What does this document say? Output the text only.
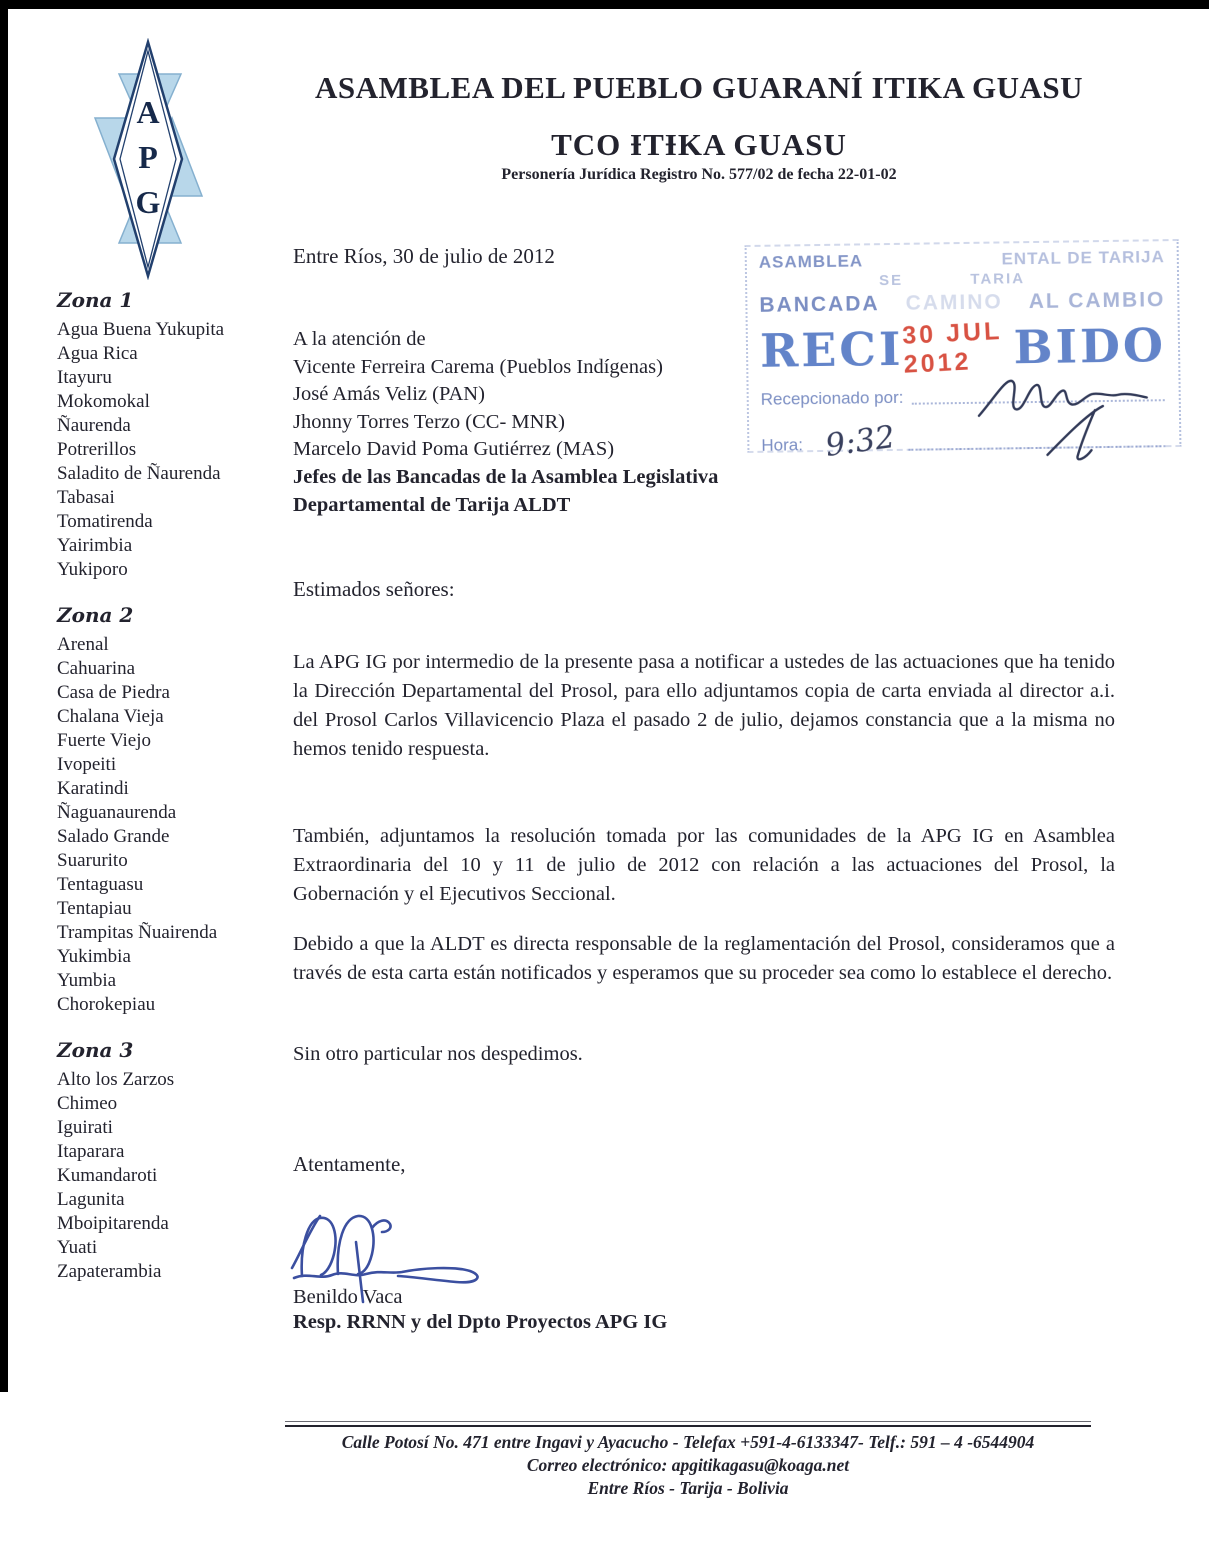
A
P
G
ASAMBLEA DEL PUEBLO GUARANÍ ITIKA GUASU
TCO ƗTƗKA GUASU
Personería Jurídica Registro No. 577/02 de fecha 22-01-02
ASAMBLEA	ENTAL DE TARIJA
SE	TARIA
BANCADA CAMINO AL CAMBIO
RECI
30 JUL 2012 BIDO
Recepcionado por:
Hora: 9:32
Zona 1
Agua Buena Yukupita
Agua Rica
Itayuru
Mokomokal
Ñaurenda
Potrerillos
Saladito de Ñaurenda
Tabasai
Tomatirenda
Yairimbia
Yukiporo
Zona 2
Arenal
Cahuarina
Casa de Piedra
Chalana Vieja
Fuerte Viejo
Ivopeiti
Karatindi
Ñaguanaurenda
Salado Grande
Suarurito
Tentaguasu
Tentapiau
Trampitas Ñuairenda
Yukimbia
Yumbia
Chorokepiau
Zona 3
Alto los Zarzos
Chimeo
Iguirati
Itaparara
Kumandaroti
Lagunita
Mboipitarenda
Yuati
Zapaterambia
Entre Ríos, 30 de julio de 2012
A la atención de
Vicente Ferreira Carema (Pueblos Indígenas)
José Amás Veliz (PAN)
Jhonny Torres Terzo (CC- MNR)
Marcelo David Poma Gutiérrez (MAS)
Jefes de las Bancadas de la Asamblea Legislativa
Departamental de Tarija ALDT
Estimados señores:
La APG IG por intermedio de la presente pasa a notificar a ustedes de las actuaciones que ha tenido la Dirección Departamental del Prosol, para ello adjuntamos copia de carta enviada al director a.i. del Prosol Carlos Villavicencio Plaza el pasado 2 de julio, dejamos constancia que a la misma no hemos tenido respuesta.
También, adjuntamos la resolución tomada por las comunidades de la APG IG en Asamblea Extraordinaria del 10 y 11 de julio de 2012 con relación a las actuaciones del Prosol, la Gobernación y el Ejecutivos Seccional.
Debido a que la ALDT es directa responsable de la reglamentación del Prosol, consideramos que a través de esta carta están notificados y esperamos que su proceder sea como lo establece el derecho.
Sin otro particular nos despedimos.
Atentamente,
Benildo Vaca
Resp. RRNN y del Dpto Proyectos APG IG
Calle Potosí No. 471 entre Ingavi y Ayacucho - Telefax +591-4-6133347- Telf.: 591 – 4 -6544904
Correo electrónico: apgitikagasu@koaga.net
Entre Ríos - Tarija - Bolivia
